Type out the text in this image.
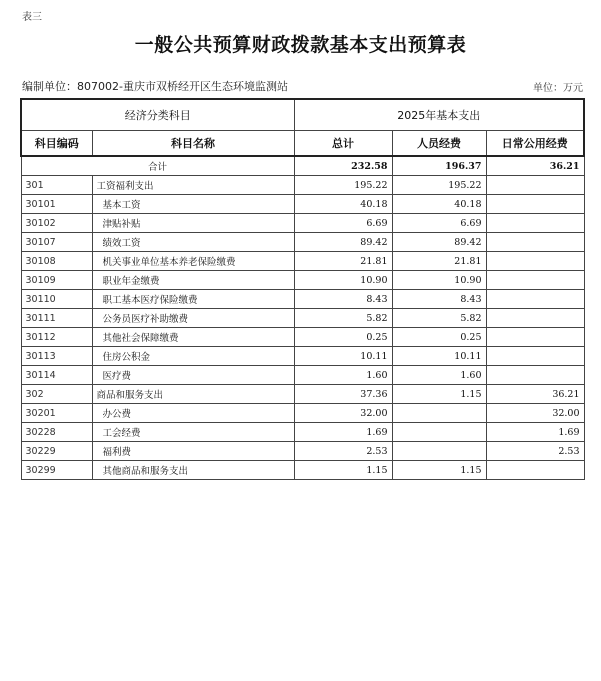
表三
一般公共预算财政拨款基本支出预算表
编制单位：807002-重庆市双桥经开区生态环境监测站	单位：万元
经济分类科目		2025年基本支出		
科目编码	科目名称	总计	人员经费	日常公用经费
合计		232.58	196.37	36.21
301	工资福利支出	195.22	195.22	
30101	基本工资	40.18	40.18	
30102	津贴补贴	6.69	6.69	
30107	绩效工资	89.42	89.42	
30108	机关事业单位基本养老保险缴费	21.81	21.81	
30109	职业年金缴费	10.90	10.90	
30110	职工基本医疗保险缴费	8.43	8.43	
30111	公务员医疗补助缴费	5.82	5.82	
30112	其他社会保障缴费	0.25	0.25	
30113	住房公积金	10.11	10.11	
30114	医疗费	1.60	1.60	
302	商品和服务支出	37.36	1.15	36.21
30201	办公费	32.00		32.00
30228	工会经费	1.69		1.69
30229	福利费	2.53		2.53
30299	其他商品和服务支出	1.15	1.15	
